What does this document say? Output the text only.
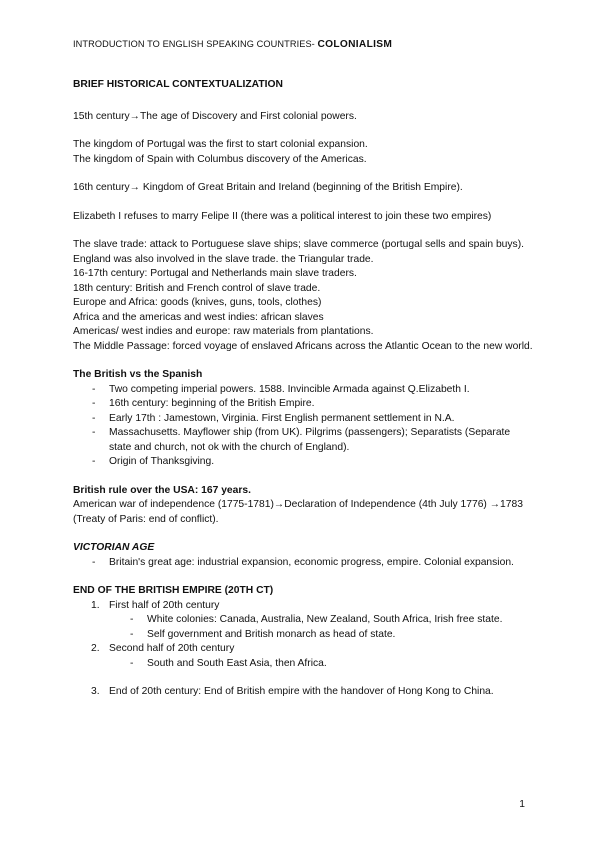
INTRODUCTION TO ENGLISH SPEAKING COUNTRIES- COLONIALISM

BRIEF HISTORICAL CONTEXTUALIZATION

15th century→The age of Discovery and First colonial powers.

The kingdom of Portugal was the first to start colonial expansion.

The kingdom of Spain with Columbus discovery of the Americas.

16th century→ Kingdom of Great Britain and Ireland (beginning of the British Empire).

Elizabeth I refuses to marry Felipe II (there was a political interest to join these two empires)

The slave trade: attack to Portuguese slave ships; slave commerce (portugal sells and spain buys). England was also involved in the slave trade. the Triangular trade.

16-17th century: Portugal and Netherlands main slave traders.

18th century: British and French control of slave trade.

Europe and Africa: goods (knives, guns, tools, clothes)

Africa and the americas and west indies: african slaves

Americas/ west indies and europe: raw materials from plantations.

The Middle Passage: forced voyage of enslaved Africans across the Atlantic Ocean to the new world.

The British vs the Spanish

- Two competing imperial powers. 1588. Invincible Armada against Q.Elizabeth I.
- 16th century: beginning of the British Empire.
- Early 17th : Jamestown, Virginia. First English permanent settlement in N.A.
- Massachusetts. Mayflower ship (from UK). Pilgrims (passengers); Separatists (Separate state and church, not ok with the church of England).
- Origin of Thanksgiving.

British rule over the USA: 167 years.

American war of independence (1775-1781)→Declaration of Independence (4th July 1776) →1783 (Treaty of Paris: end of conflict).

VICTORIAN AGE

- Britain's great age: industrial expansion, economic progress, empire. Colonial expansion.

END OF THE BRITISH EMPIRE (20TH CT)

1. First half of 20th century
- White colonies: Canada, Australia, New Zealand, South Africa, Irish free state.
- Self government and British monarch as head of state.
2. Second half of 20th century
- South and South East Asia, then Africa.
3. End of 20th century: End of British empire with the handover of Hong Kong to China.
1
